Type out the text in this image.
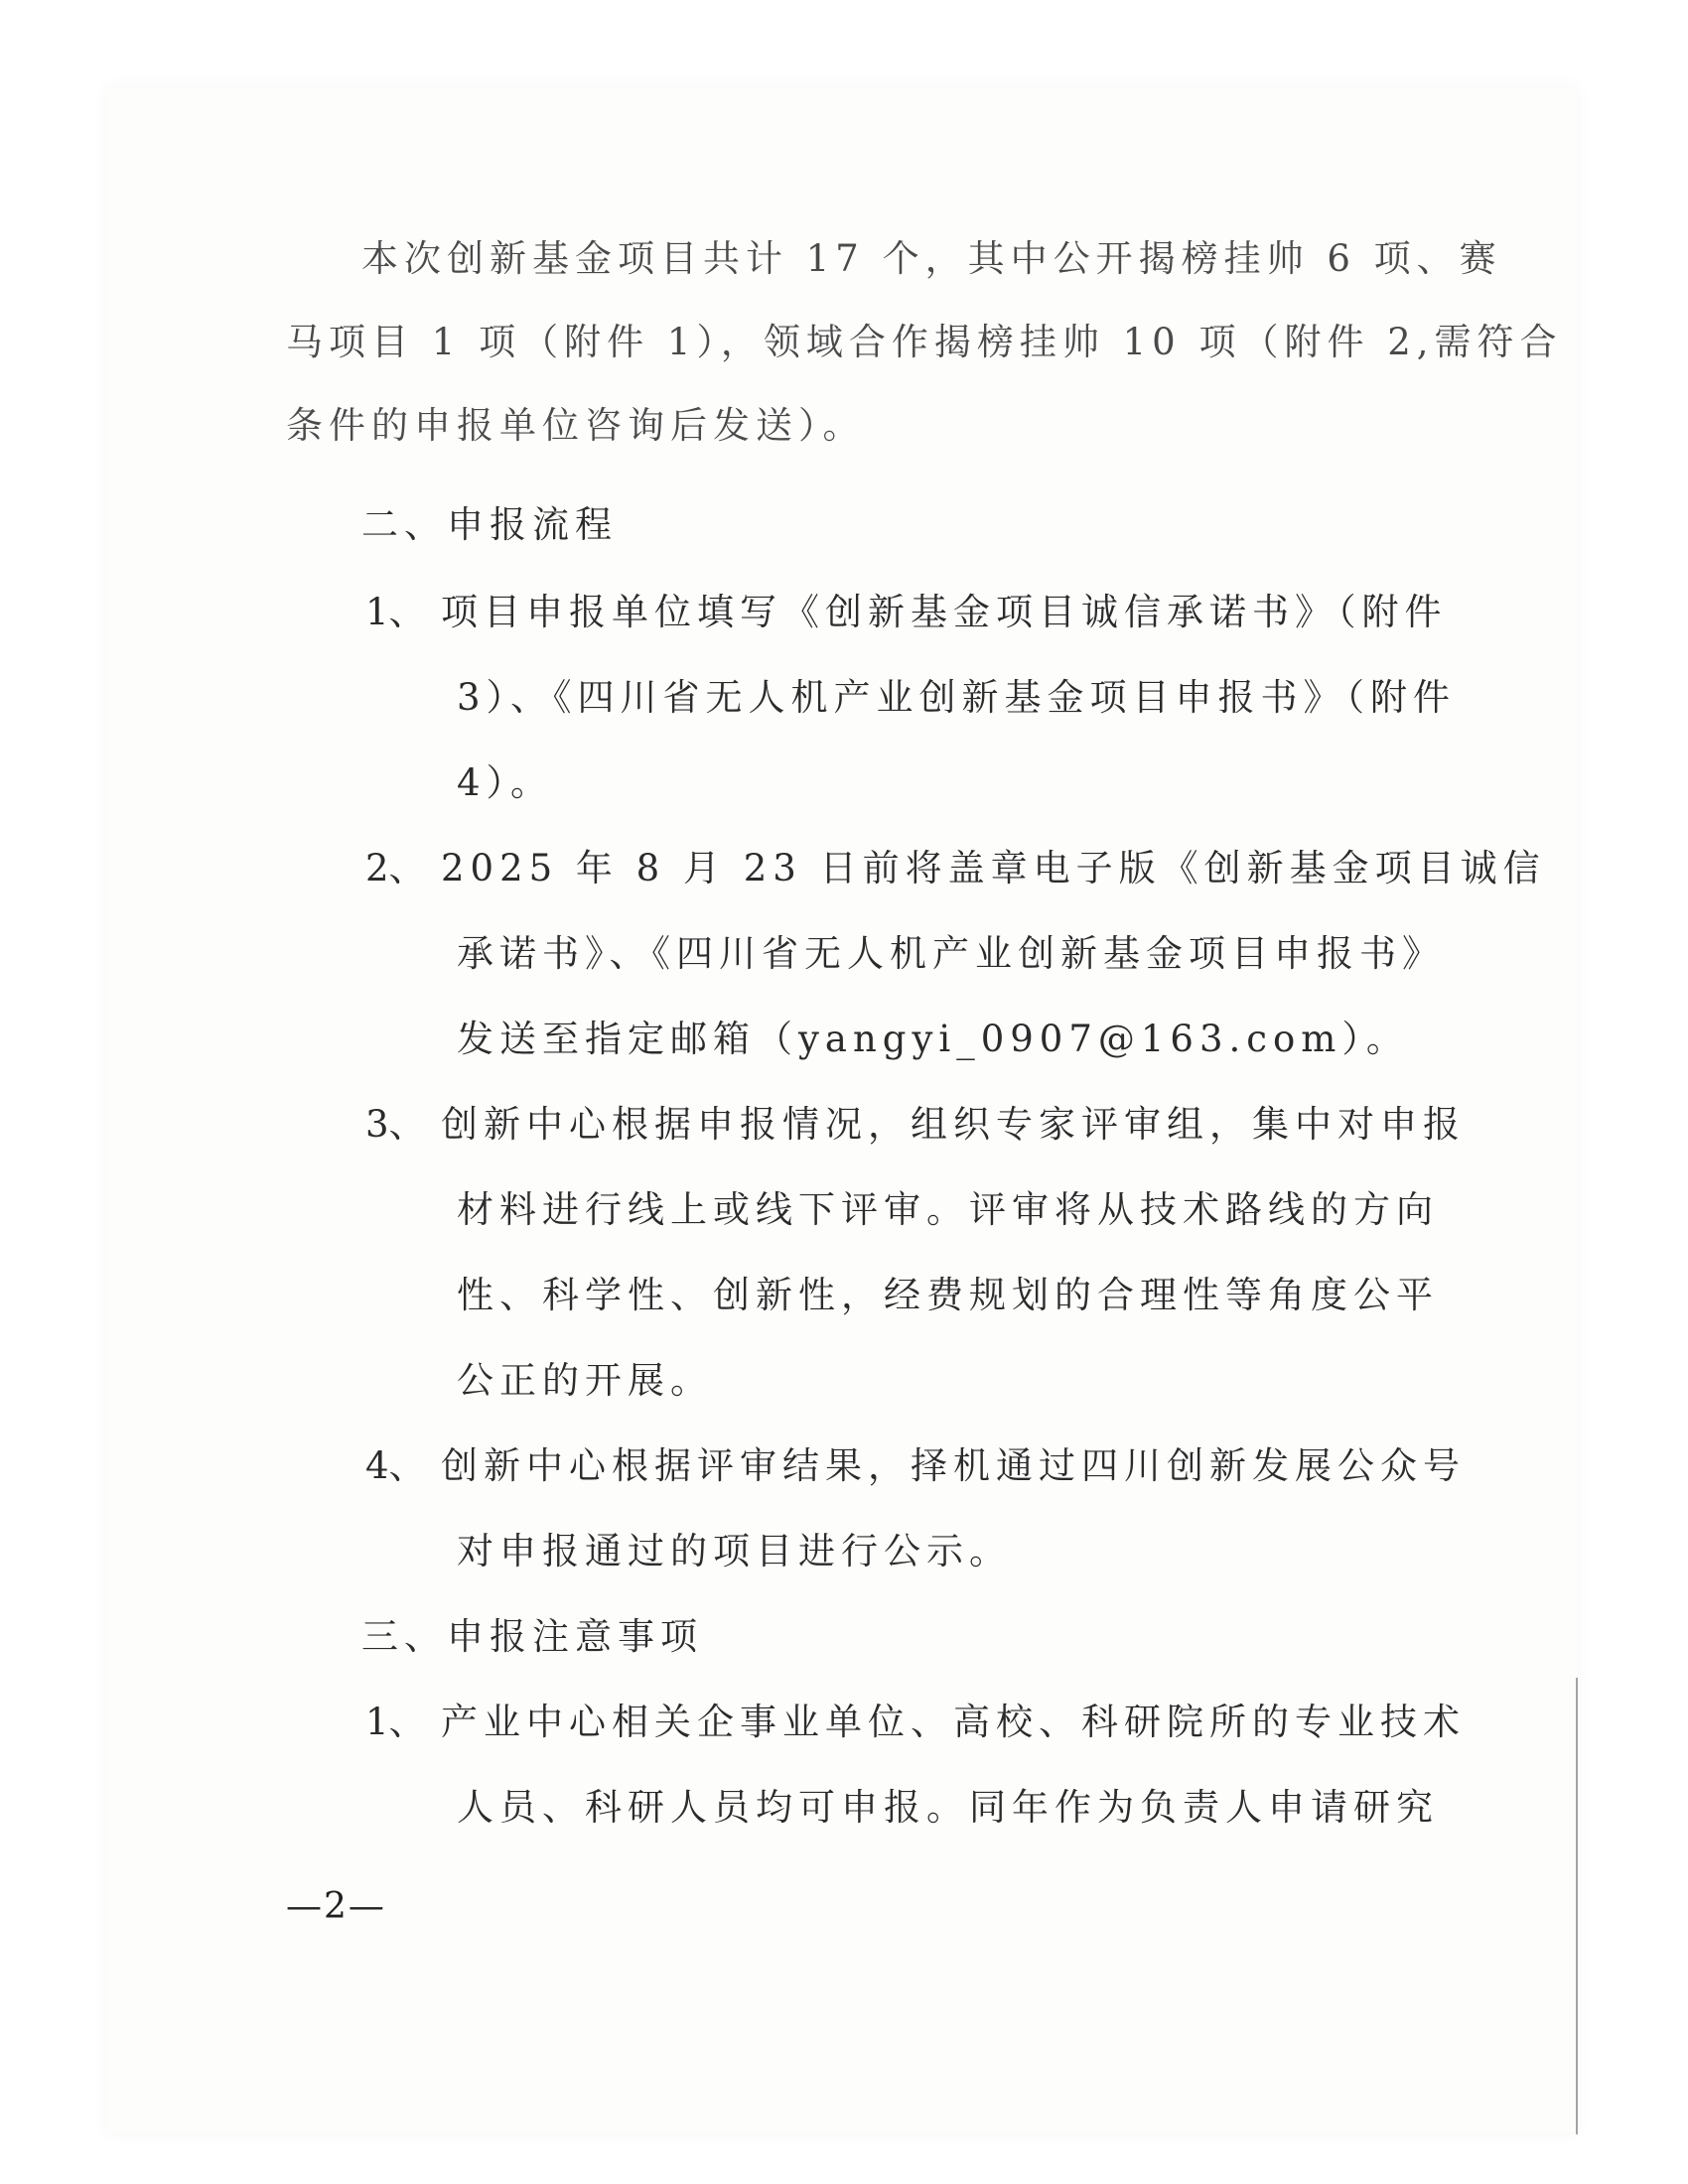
本次创新基金项目共计 17 个，其中公开揭榜挂帅 6 项、赛
马项目 1 项（附件 1），领域合作揭榜挂帅 10 项（附件 2,需符合
条件的申报单位咨询后发送）。
二、申报流程
1、 项目申报单位填写《创新基金项目诚信承诺书》（附件
3）、《四川省无人机产业创新基金项目申报书》（附件
4）。
2、 2025 年 8 月 23 日前将盖章电子版《创新基金项目诚信
承诺书》、《四川省无人机产业创新基金项目申报书》
发送至指定邮箱（yangyi_0907@163.com）。
3、 创新中心根据申报情况，组织专家评审组，集中对申报
材料进行线上或线下评审。评审将从技术路线的方向
性、科学性、创新性，经费规划的合理性等角度公平
公正的开展。
4、 创新中心根据评审结果，择机通过四川创新发展公众号
对申报通过的项目进行公示。
三、申报注意事项
1、 产业中心相关企事业单位、高校、科研院所的专业技术
人员、科研人员均可申报。同年作为负责人申请研究
—2—
